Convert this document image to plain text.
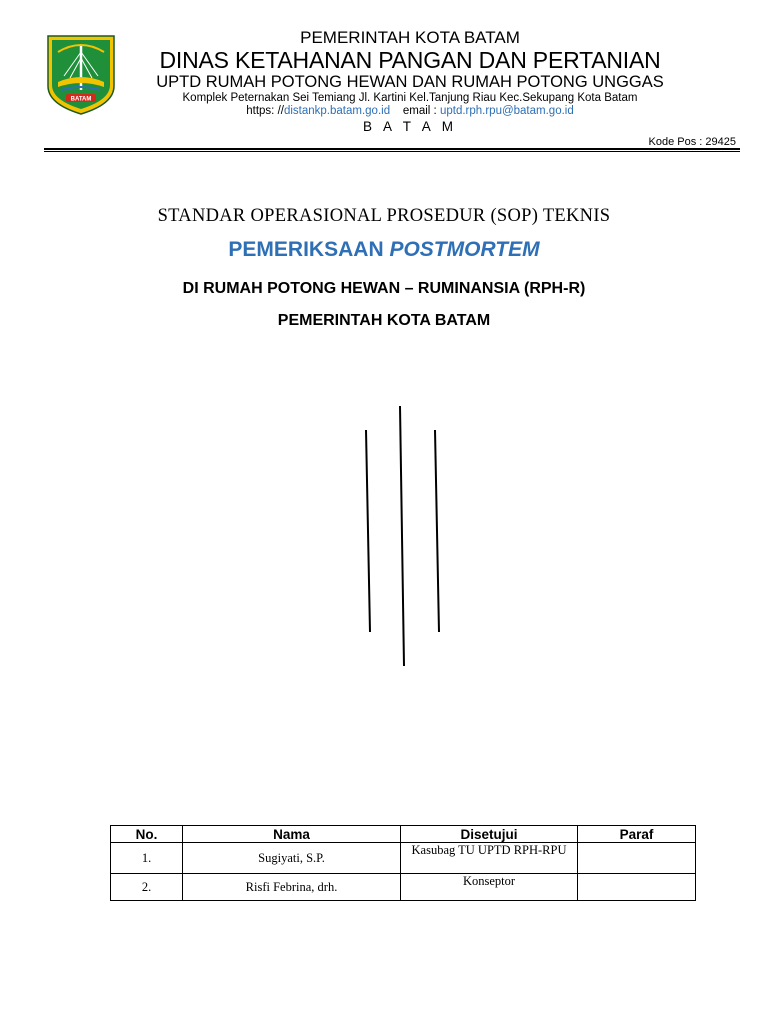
BATAM
PEMERINTAH KOTA BATAM
DINAS KETAHANAN PANGAN DAN PERTANIAN
UPTD RUMAH POTONG HEWAN DAN RUMAH POTONG UNGGAS
Komplek Peternakan Sei Temiang Jl. Kartini Kel.Tanjung Riau Kec.Sekupang Kota Batam
https: //distankp.batam.go.id email : uptd.rph.rpu@batam.go.id
B A T A M
Kode Pos : 29425
STANDAR OPERASIONAL PROSEDUR (SOP) TEKNIS
PEMERIKSAAN POSTMORTEM
DI RUMAH POTONG HEWAN – RUMINANSIA (RPH-R)
PEMERINTAH KOTA BATAM
No.	Nama	Disetujui	Paraf
1.	Sugiyati, S.P.	Kasubag TU UPTD RPH-RPU	
2.	Risfi Febrina, drh.	Konseptor	
